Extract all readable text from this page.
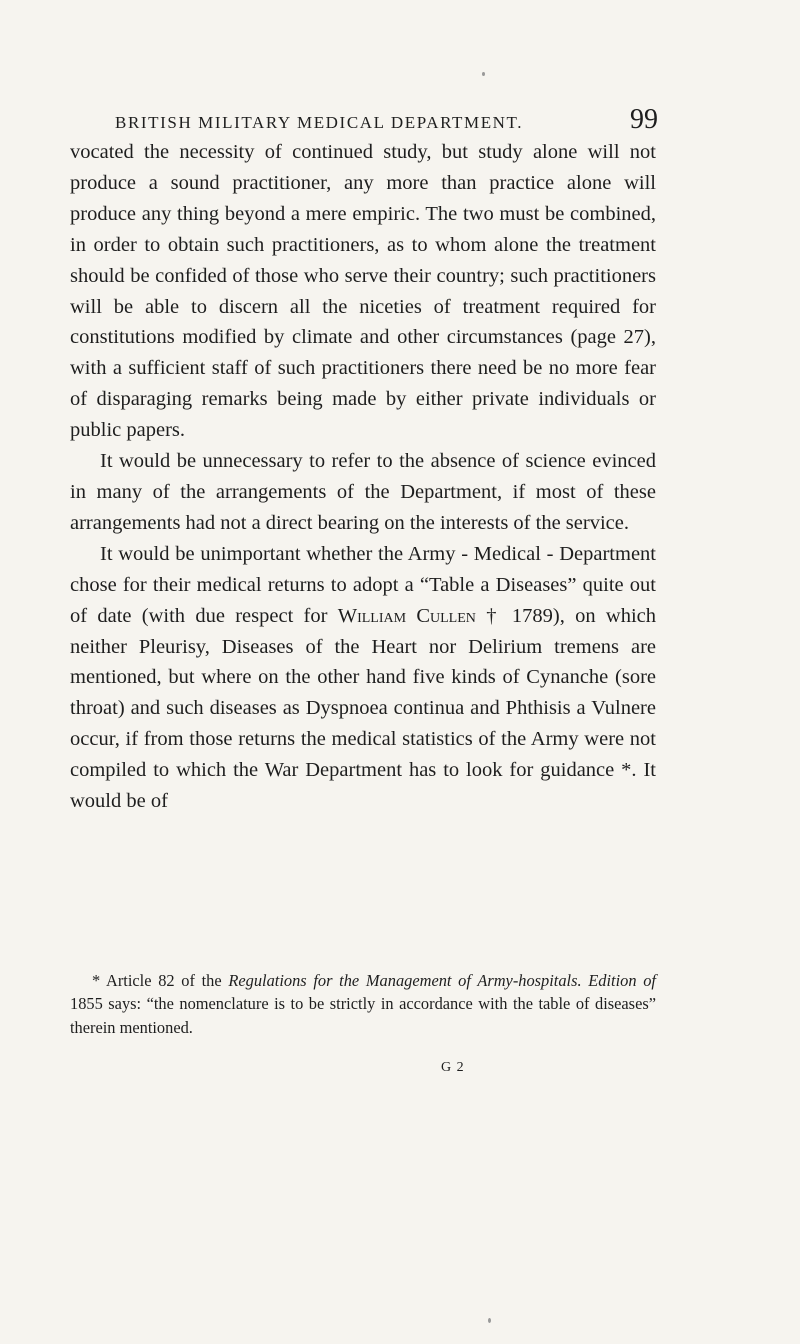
BRITISH MILITARY MEDICAL DEPARTMENT.	99

vocated the necessity of continued study, but study alone will not produce a sound practitioner, any more than practice alone will produce any thing beyond a mere empiric. The two must be combined, in order to obtain such practitioners, as to whom alone the treatment should be confided of those who serve their country; such practitioners will be able to discern all the niceties of treatment required for constitutions modified by climate and other circumstances (page 27), with a sufficient staff of such practitioners there need be no more fear of disparaging remarks being made by either private individuals or public papers.

It would be unnecessary to refer to the absence of science evinced in many of the arrangements of the Department, if most of these arrangements had not a direct bearing on the interests of the service.

It would be unimportant whether the Army - Medical - Department chose for their medical returns to adopt a “Table a Diseases” quite out of date (with due respect for William Cullen † 1789), on which neither Pleurisy, Diseases of the Heart nor Delirium tremens are mentioned, but where on the other hand five kinds of Cynanche (sore throat) and such diseases as Dyspnoea continua and Phthisis a Vulnere occur, if from those returns the medical statistics of the Army were not compiled to which the War Department has to look for guidance *. It would be of

* Article 82 of the Regulations for the Management of Army-hospitals. Edition of 1855 says: “the nomenclature is to be strictly in accordance with the table of diseases” therein mentioned.
G 2
